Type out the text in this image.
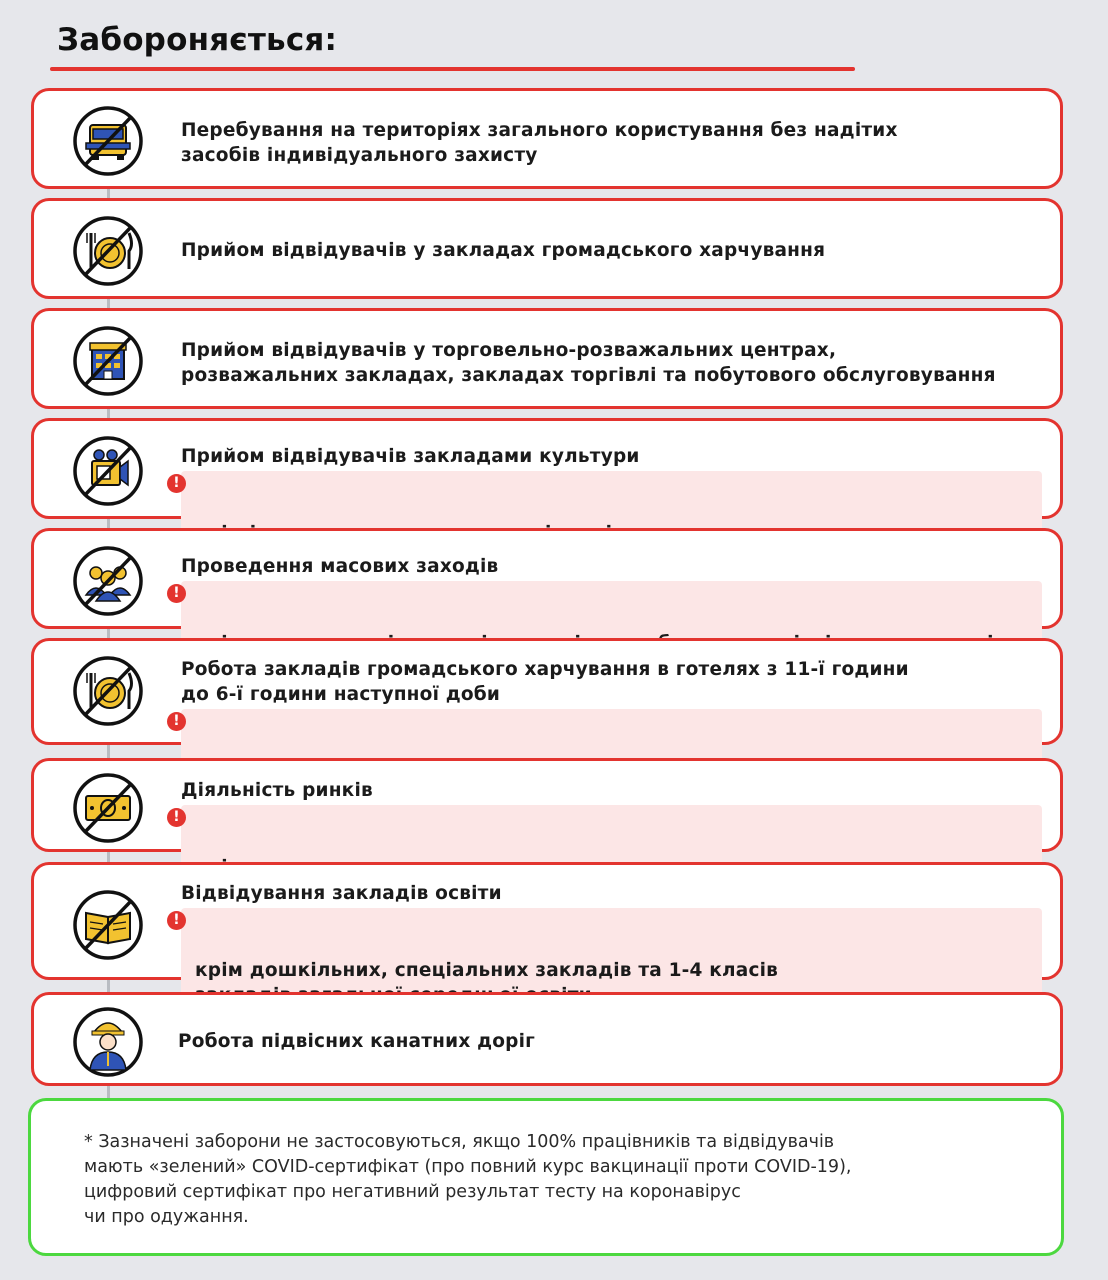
Забороняється:
Перебування на територіях загального користування без надітих
засобів індивідуального захисту
Прийом відвідувачів у закладах громадського харчування
Прийом відвідувачів у торговельно-розважальних центрах,
розважальних закладах, закладах торгівлі та побутового обслуговування
Прийом відвідувачів закладами культури

!

Проведення масових заходів

!

Робота закладів громадського харчування в готелях з 11-ї години
до 6-ї години наступної доби

!

Діяльність ринків

!

Відвідування закладів освіти

!

крім дошкільних, спеціальних закладів та 1-4 класів

Робота підвісних канатних доріг
* Зазначені заборони не застосовуються, якщо 100% працівників та відвідувачів
мають «зелений» COVID-сертифікат (про повний курс вакцинації проти COVID-19),
цифровий сертифікат про негативний результат тесту на коронавірус
чи про одужання.
